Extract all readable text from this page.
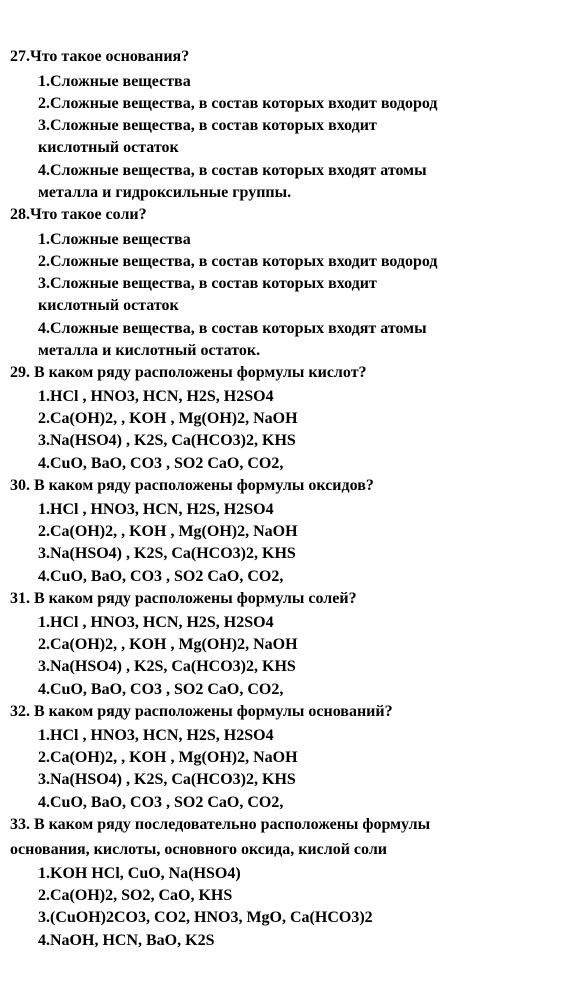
27.Что такое основания?
1.Сложные вещества
2.Сложные вещества, в состав которых входит водород
3.Сложные вещества, в состав которых входит
кислотный остаток
4.Сложные вещества, в состав которых входят атомы
металла и гидроксильные группы.
28.Что такое соли?
1.Сложные вещества
2.Сложные вещества, в состав которых входит водород
3.Сложные вещества, в состав которых входит
кислотный остаток
4.Сложные вещества, в состав которых входят атомы
металла и кислотный остаток.
29. В каком ряду расположены формулы кислот?
1.HCl , HNO3, HCN, H2S, H2SO4
2.Ca(OH)2, , KOH , Mg(OH)2, NaOH
3.Na(HSO4) , K2S, Ca(HCO3)2, KHS
4.CuO, BaO, CO3 , SO2 CaO, CO2,
30. В каком ряду расположены формулы оксидов?
1.HCl , HNO3, HCN, H2S, H2SO4
2.Ca(OH)2, , KOH , Mg(OH)2, NaOH
3.Na(HSO4) , K2S, Ca(HCO3)2, KHS
4.CuO, BaO, CO3 , SO2 CaO, CO2,
31. В каком ряду расположены формулы солей?
1.HCl , HNO3, HCN, H2S, H2SO4
2.Ca(OH)2, , KOH , Mg(OH)2, NaOH
3.Na(HSO4) , K2S, Ca(HCO3)2, KHS
4.CuO, BaO, CO3 , SO2 CaO, CO2,
32. В каком ряду расположены формулы оснований?
1.HCl , HNO3, HCN, H2S, H2SO4
2.Ca(OH)2, , KOH , Mg(OH)2, NaOH
3.Na(HSO4) , K2S, Ca(HCO3)2, KHS
4.CuO, BaO, CO3 , SO2 CaO, CO2,
33. В каком ряду последовательно расположены формулы
основания, кислоты, основного оксида, кислой соли
1.KOH HCl, CuO, Na(HSO4)
2.Ca(OH)2, SO2, CaO, KHS
3.(CuOH)2CO3, CO2, HNO3, MgO, Ca(HCO3)2
4.NaOH, HCN, BaO, K2S
